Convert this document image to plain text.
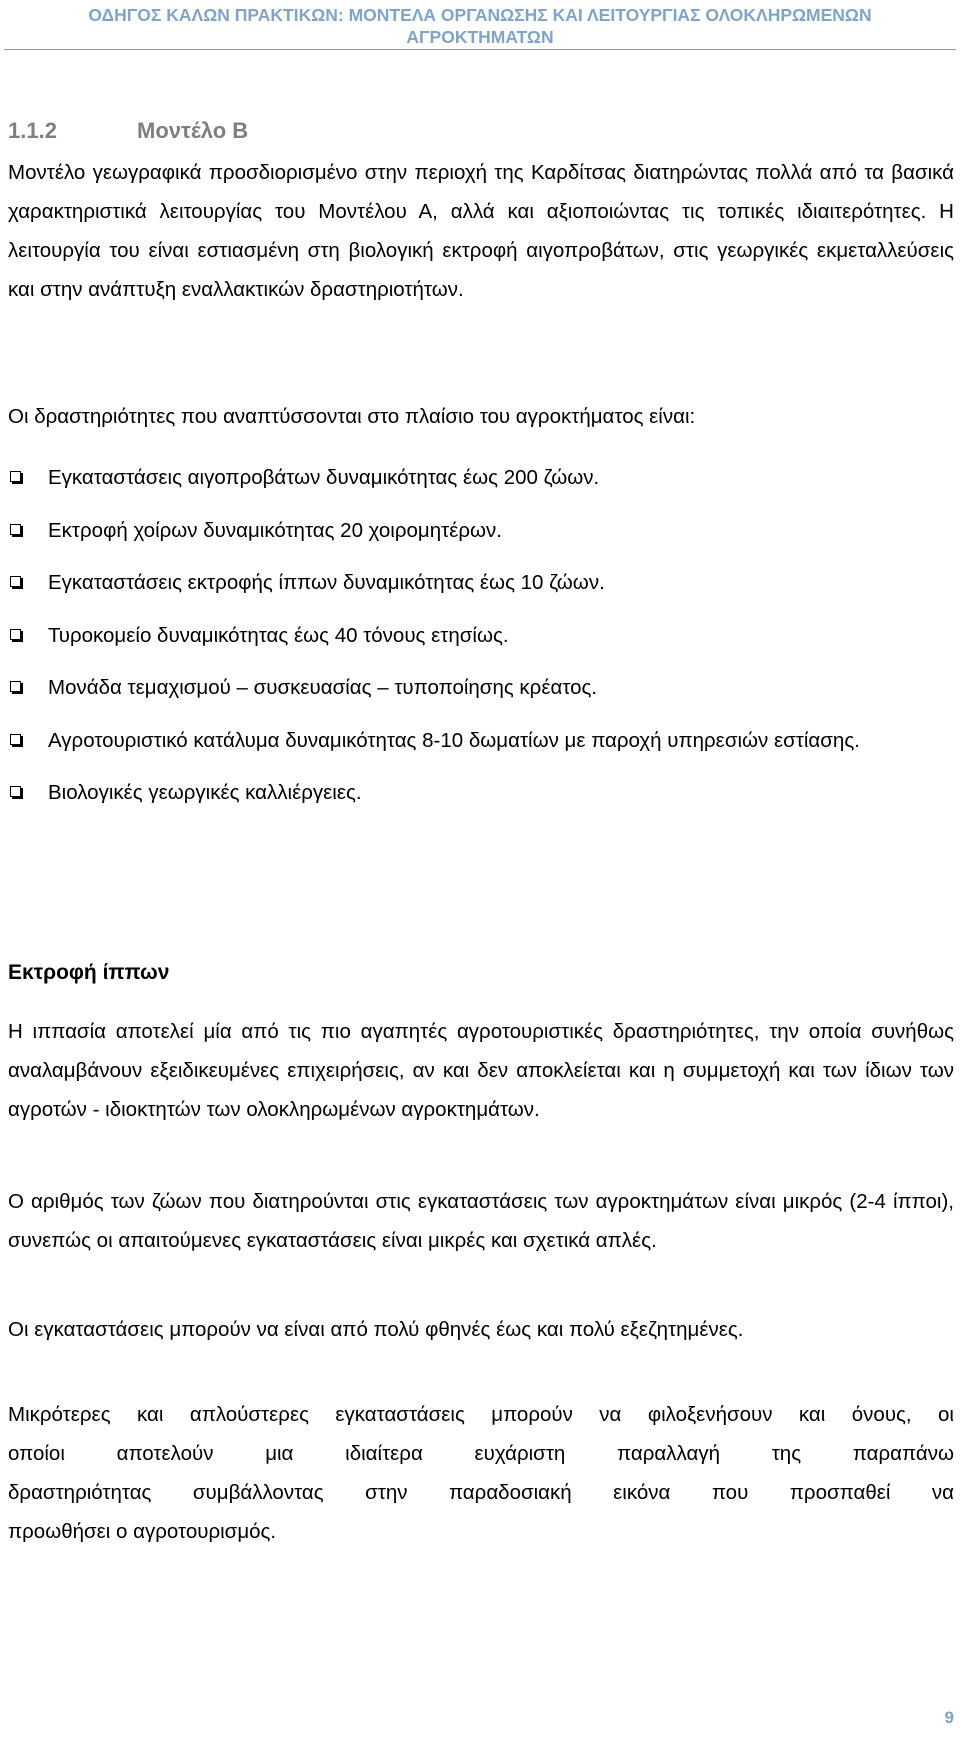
ΟΔΗΓΟΣ ΚΑΛΩΝ ΠΡΑΚΤΙΚΩΝ: ΜΟΝΤΕΛΑ ΟΡΓΑΝΩΣΗΣ ΚΑΙ ΛΕΙΤΟΥΡΓΙΑΣ ΟΛΟΚΛΗΡΩΜΕΝΩΝ
ΑΓΡΟΚΤΗΜΑΤΩΝ
1.1.2	Μοντέλο Β
Μοντέλο γεωγραφικά προσδιορισμένο στην περιοχή της Καρδίτσας διατηρώντας πολλά από τα βασικά χαρακτηριστικά λειτουργίας του Μοντέλου Α, αλλά και αξιοποιώντας τις τοπικές ιδιαιτερότητες. Η λειτουργία του είναι εστιασμένη στη βιολογική εκτροφή αιγοπροβάτων, στις γεωργικές εκμεταλλεύσεις και στην ανάπτυξη εναλλακτικών δραστηριοτήτων.
Οι δραστηριότητες που αναπτύσσονται στο πλαίσιο του αγροκτήματος είναι:
Εγκαταστάσεις αιγοπροβάτων δυναμικότητας έως 200 ζώων.
Εκτροφή χοίρων δυναμικότητας 20 χοιρομητέρων.
Εγκαταστάσεις εκτροφής ίππων δυναμικότητας έως 10 ζώων.
Τυροκομείο δυναμικότητας έως 40 τόνους ετησίως.
Μονάδα τεμαχισμού – συσκευασίας – τυποποίησης κρέατος.
Αγροτουριστικό κατάλυμα δυναμικότητας 8-10 δωματίων με παροχή υπηρεσιών εστίασης.
Βιολογικές γεωργικές καλλιέργειες.
Εκτροφή ίππων
Η ιππασία αποτελεί μία από τις πιο αγαπητές αγροτουριστικές δραστηριότητες, την οποία συνήθως αναλαμβάνουν εξειδικευμένες επιχειρήσεις, αν και δεν αποκλείεται και η συμμετοχή και των ίδιων των αγροτών - ιδιοκτητών των ολοκληρωμένων αγροκτημάτων.
Ο αριθμός των ζώων που διατηρούνται στις εγκαταστάσεις των αγροκτημάτων είναι μικρός (2-4 ίπποι), συνεπώς οι απαιτούμενες εγκαταστάσεις είναι μικρές και σχετικά απλές.
Οι εγκαταστάσεις μπορούν να είναι από πολύ φθηνές έως και πολύ εξεζητημένες.
Μικρότερες και απλούστερες εγκαταστάσεις μπορούν να φιλοξενήσουν και όνους, οι
οποίοι αποτελούν μια ιδιαίτερα ευχάριστη παραλλαγή της παραπάνω
δραστηριότητας συμβάλλοντας στην παραδοσιακή εικόνα που προσπαθεί να
προωθήσει ο αγροτουρισμός.
9
